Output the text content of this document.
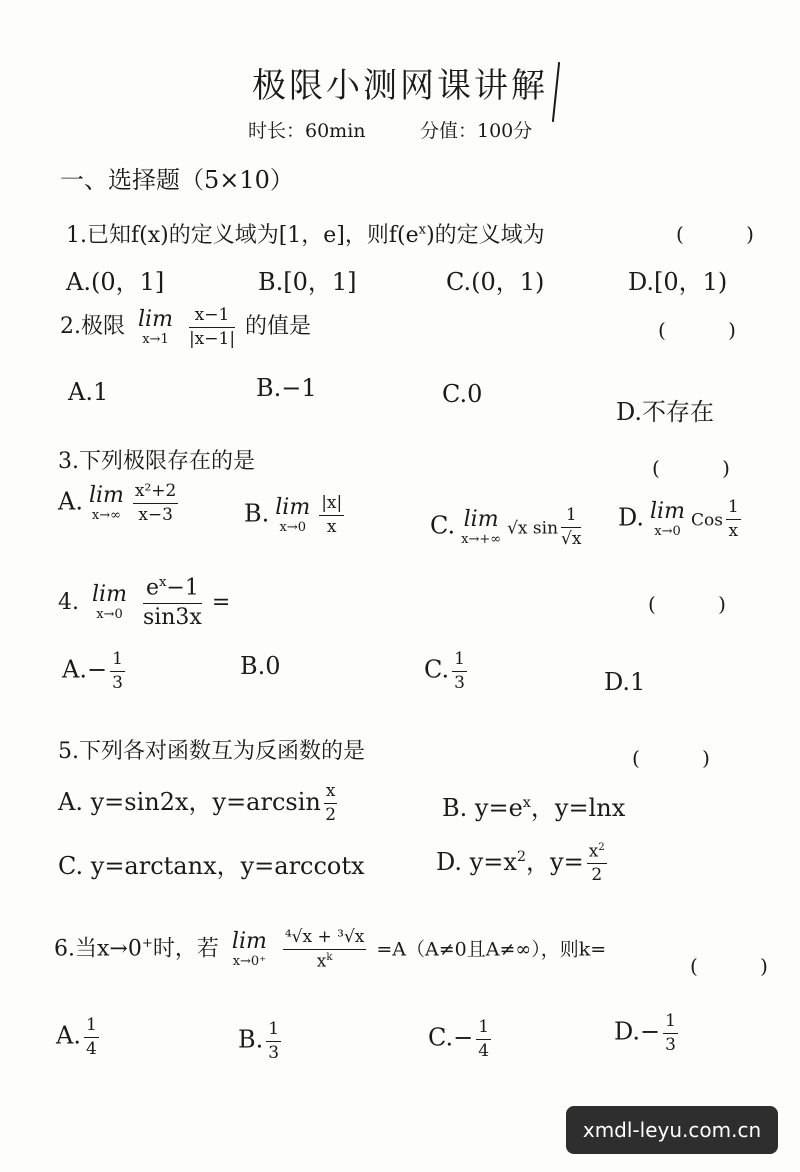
极限小测网课讲解
时长：60min	分值：100分
一、选择题（5×10）
1.已知f(x)的定义域为[1，e]，则$f(e^x)$的定义域为	( )
A.(0，1]	B.[0，1]	C.(0，1)	D.[0，1)
2.极限 lim
x→1
$\frac{x-1}{|x-1|}$ 的值是	( )
A.1	B.−1	C.0
D.不存在
3.下列极限存在的是	( )
A. lim
$x\to\infty \frac{\text{x²+2}}{x-3}$	B. lim
$x\to 0 \frac{|x|}{x}$	C. lim
x→+∞
√x $\sin \frac{1}{√x} D$. lim
x→0
Cos $\frac{1}{x}$
4. lim
x→0
$\frac{e^x-1}{\sin 3x}$ =	( )
$A.- \frac{1}{3}$	B.0	C. $\frac{1}{3}$	D.1
5.下列各对函数互为反函数的是	( )
A. y=sin2x，$y=\arcsin \frac{x}{2}$	B. $y=e^x$，y=lnx
C. y=arctanx，y=arccotx	D. $y=x^2$，$y= \frac{x^2}{2}$
6.当x→0+时，若 lim
x→0⁺
$\frac{\text{⁴√x + ³√x}}{x^k} =A(A\ne 0$且A≠∞），则k=
( )
A. $\frac{1}{4}$	B. $\frac{1}{3}$	$C.- \frac{1}{4}$	$D.- \frac{1}{3}$
xmdl-leyu.com.cn
